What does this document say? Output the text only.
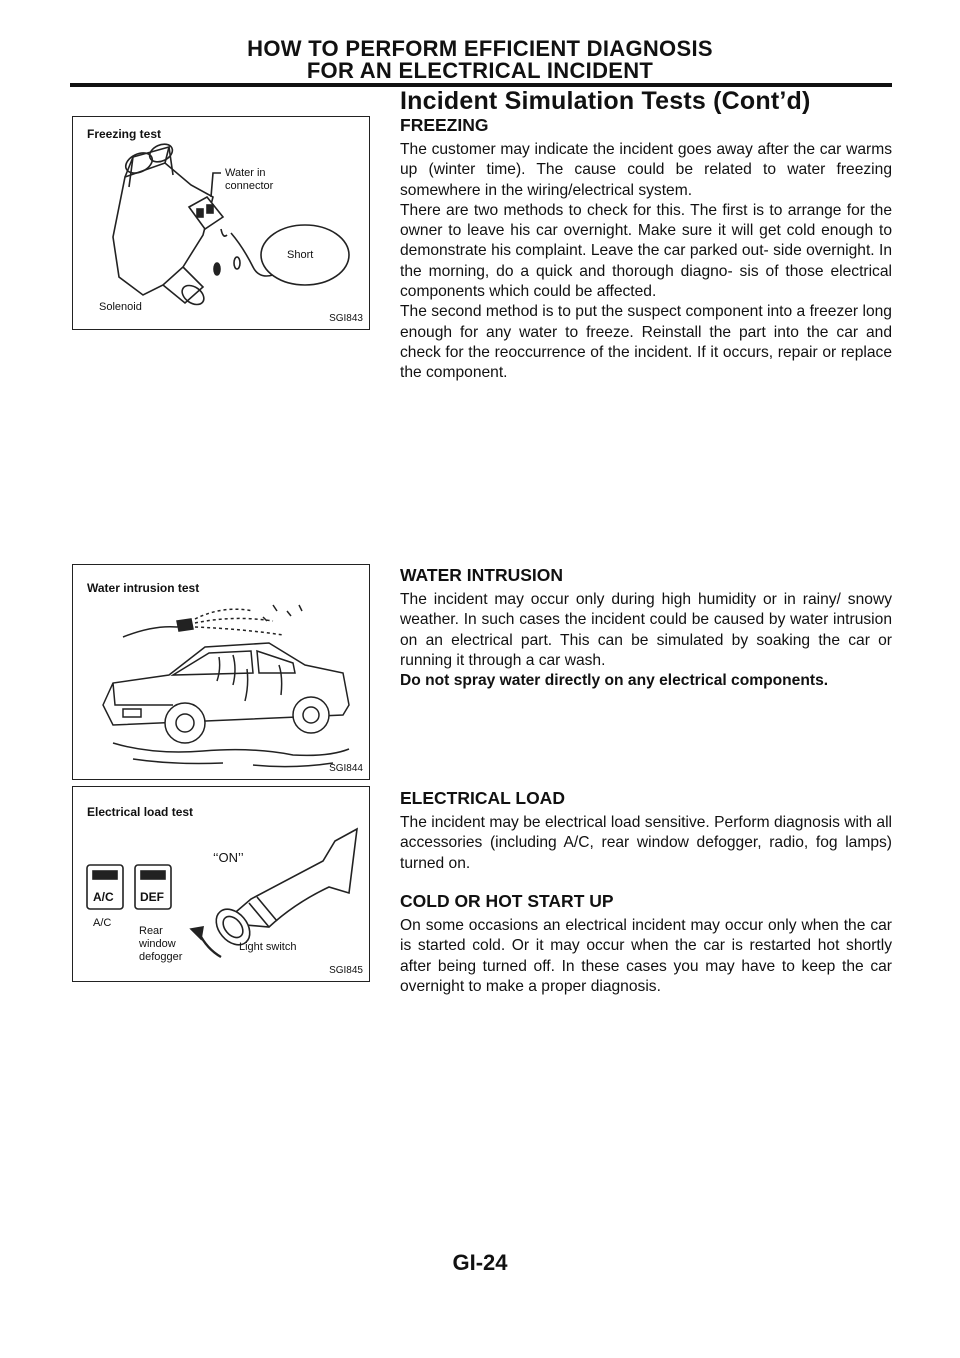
HOW TO PERFORM EFFICIENT DIAGNOSIS
FOR AN ELECTRICAL INCIDENT
Incident Simulation Tests (Cont’d)
Freezing test
Water in
connector
Short
Solenoid
SGI843
Water intrusion test
SGI844
Electrical load test
A/C DEF
‘‘ON’’
A/C
Rear
window
defogger
Light switch
SGI845
FREEZING

The customer may indicate the incident goes away after the car warms up (winter time). The cause could be related to water freezing somewhere in the wiring/electrical system.

There are two methods to check for this. The first is to arrange for the owner to leave his car overnight. Make sure it will get cold enough to demonstrate his complaint. Leave the car parked out- side overnight. In the morning, do a quick and thorough diagno- sis of those electrical components which could be affected.

The second method is to put the suspect component into a freezer long enough for any water to freeze. Reinstall the part into the car and check for the reoccurrence of the incident. If it occurs, repair or replace the component.

WATER INTRUSION

The incident may occur only during high humidity or in rainy/ snowy weather. In such cases the incident could be caused by water intrusion on an electrical part. This can be simulated by soaking the car or running it through a car wash.

Do not spray water directly on any electrical components.

ELECTRICAL LOAD

The incident may be electrical load sensitive. Perform diagnosis with all accessories (including A/C, rear window defogger, radio, fog lamps) turned on.

COLD OR HOT START UP

On some occasions an electrical incident may occur only when the car is started cold. Or it may occur when the car is restarted hot shortly after being turned off. In these cases you may have to keep the car overnight to make a proper diagnosis.

GI-24
